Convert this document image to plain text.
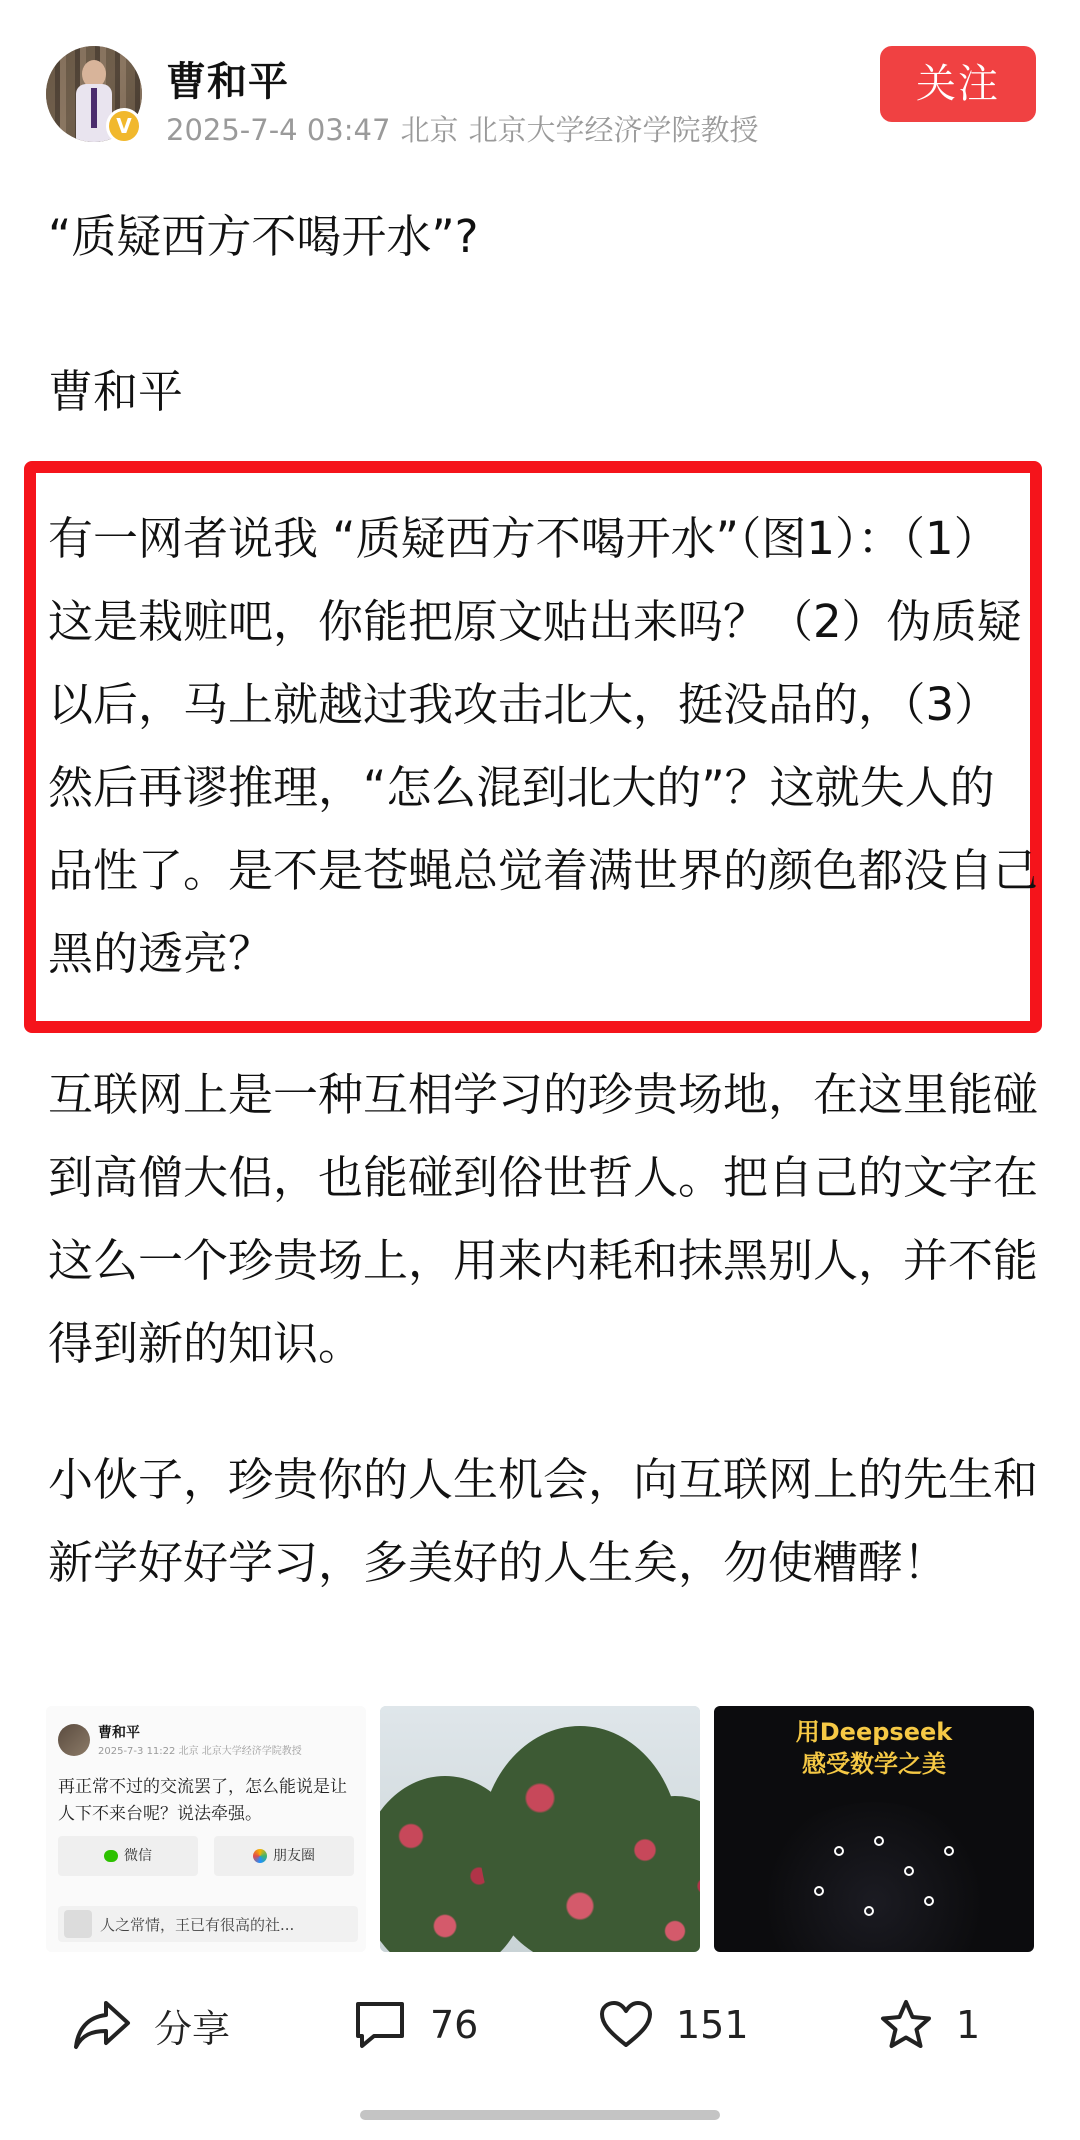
V
曹和平
2025-7-4 03:47 北京 北京大学经济学院教授
关注
“质疑西方不喝开水”?
曹和平
有一网者说我 “质疑西方不喝开水”（图1）：（1）这是栽赃吧，你能把原文贴出来吗？（2）伪质疑以后，马上就越过我攻击北大，挺没品的，（3）然后再谬推理，“怎么混到北大的”？这就失人的品性了。是不是苍蝇总觉着满世界的颜色都没自己黑的透亮？
互联网上是一种互相学习的珍贵场地，在这里能碰到高僧大侣，也能碰到俗世哲人。把自己的文字在这么一个珍贵场上，用来内耗和抹黑别人，并不能得到新的知识。
小伙子，珍贵你的人生机会，向互联网上的先生和新学好好学习，多美好的人生矣，勿使糟酵！
曹和平
2025-7-3 11:22 北京 北京大学经济学院教授
再正常不过的交流罢了，怎么能说是让人下不来台呢？说法牵强。
微信	朋友圈
人之常情，王已有很高的社...
用Deepseek
感受数学之美
分享	76	151	1
